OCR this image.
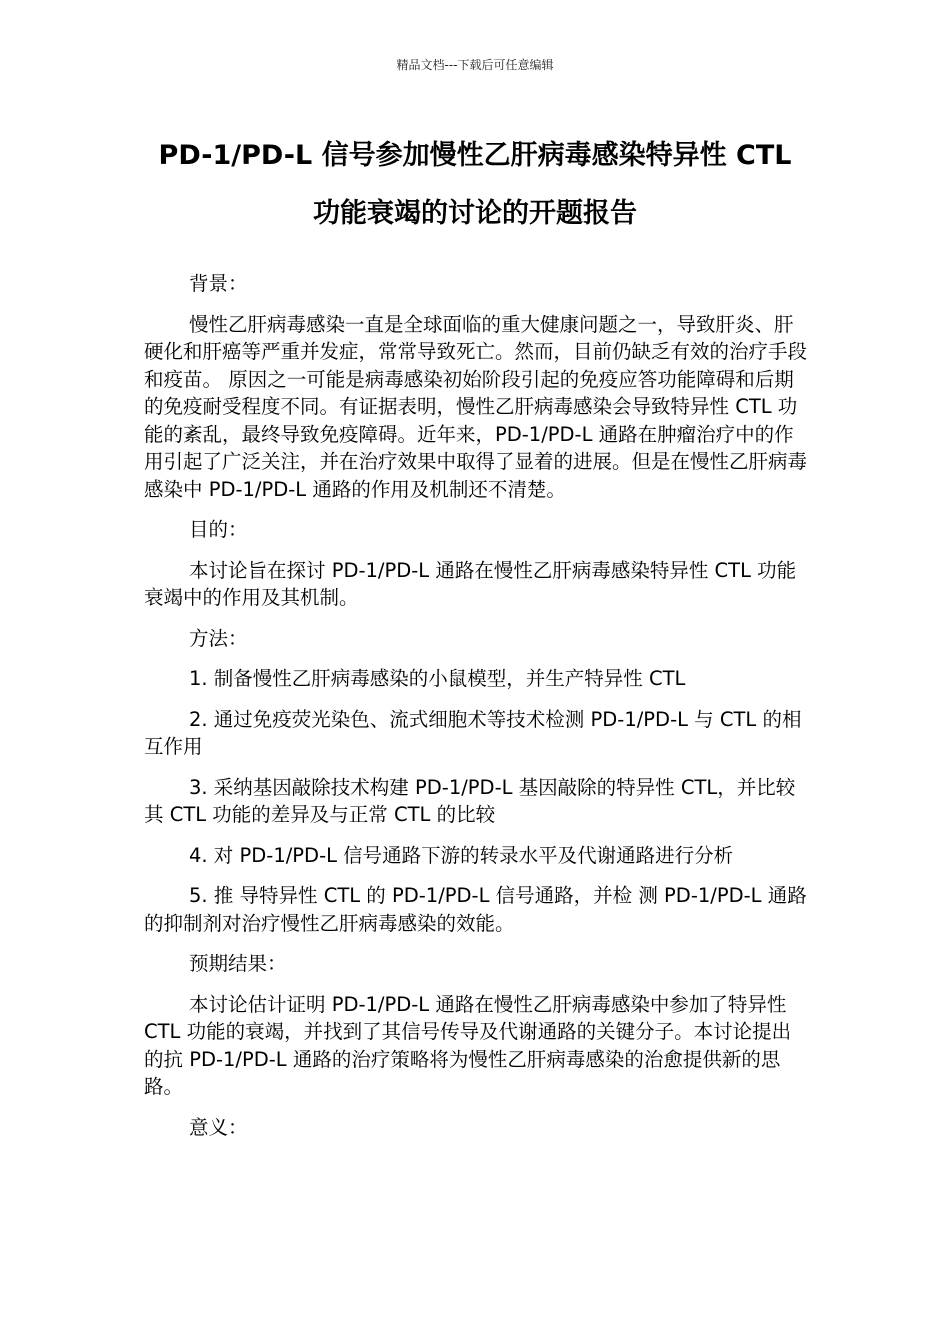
精品文档---下载后可任意编辑
PD-1/PD-L 信号参加慢性乙肝病毒感染特异性 CTL
功能衰竭的讨论的开题报告

背景：

慢性乙肝病毒感染一直是全球面临的重大健康问题之一，导致肝炎、肝硬化和肝癌等严重并发症，常常导致死亡。然而，目前仍缺乏有效的治疗手段和疫苗。 原因之一可能是病毒感染初始阶段引起的免疫应答功能障碍和后期的免疫耐受程度不同。有证据表明，慢性乙肝病毒感染会导致特异性 CTL 功能的紊乱，最终导致免疫障碍。近年来，PD-1/PD-L 通路在肿瘤治疗中的作用引起了广泛关注，并在治疗效果中取得了显着的进展。但是在慢性乙肝病毒感染中 PD-1/PD-L 通路的作用及机制还不清楚。

目的：

本讨论旨在探讨 PD-1/PD-L 通路在慢性乙肝病毒感染特异性 CTL 功能衰竭中的作用及其机制。

方法：

1. 制备慢性乙肝病毒感染的小鼠模型，并生产特异性 CTL

2. 通过免疫荧光染色、流式细胞术等技术检测 PD-1/PD-L 与 CTL 的相互作用

3. 采纳基因敲除技术构建 PD-1/PD-L 基因敲除的特异性 CTL，并比较其 CTL 功能的差异及与正常 CTL 的比较

4. 对 PD-1/PD-L 信号通路下游的转录水平及代谢通路进行分析

5. 推 导特异性 CTL 的 PD-1/PD-L 信号通路，并检 测 PD-1/PD-L 通路的抑制剂对治疗慢性乙肝病毒感染的效能。

预期结果：

本讨论估计证明 PD-1/PD-L 通路在慢性乙肝病毒感染中参加了特异性 CTL 功能的衰竭，并找到了其信号传导及代谢通路的关键分子。本讨论提出的抗 PD-1/PD-L 通路的治疗策略将为慢性乙肝病毒感染的治愈提供新的思路。

意义：
